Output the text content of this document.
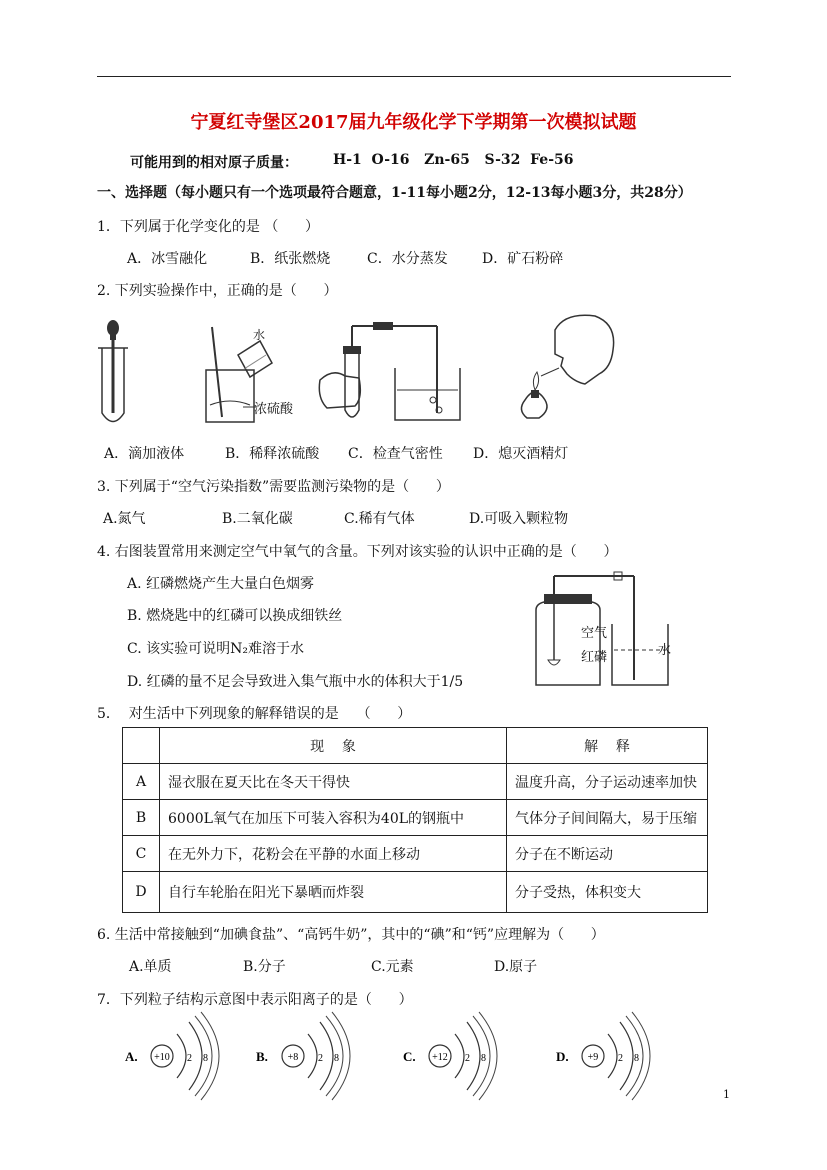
宁夏红寺堡区2017届九年级化学下学期第一次模拟试题
可能用到的相对原子质量：	H-1  O-16   Zn-65   S-32  Fe-56
一、选择题（每小题只有一个选项最符合题意，1-11每小题2分，12-13每小题3分，共28分）
1．下列属于化学变化的是 （      ）
A．冰雪融化	B．纸张燃烧	C．水分蒸发 D．矿石粉碎
2. 下列实验操作中，正确的是（      ）
水
浓硫酸
A．滴加液体	B．稀释浓硫酸 C．检查气密性 D．熄灭酒精灯
3. 下列属于“空气污染指数”需要监测污染物的是（      ）
A.氮气	B.二氧化碳	C.稀有气体	D.可吸入颗粒物
4. 右图装置常用来测定空气中氧气的含量。下列对该实验的认识中正确的是（      ）
A. 红磷燃烧产生大量白色烟雾
B. 燃烧匙中的红磷可以换成细铁丝
C. 该实验可说明N₂难溶于水
D. 红磷的量不足会导致进入集气瓶中水的体积大于1/5
空气
红磷	水
5．  对生活中下列现象的解释错误的是    （      ）
	现    象	解    释
A	湿衣服在夏天比在冬天干得快	温度升高，分子运动速率加快
B	6000L氧气在加压下可装入容积为40L的钢瓶中	气体分子间间隔大，易于压缩
C	在无外力下，花粉会在平静的水面上移动	分子在不断运动
D	自行车轮胎在阳光下暴晒而炸裂	分子受热，体积变大
6. 生活中常接触到“加碘食盐”、“高钙牛奶”，其中的“碘”和“钙”应理解为（      ）
A.单质	B.分子	C.元素	D.原子
7．下列粒子结构示意图中表示阳离子的是（      ）
A. +10 2 8	B. +8 2 8	C. +12 2 8	D. +9 2 8
1
